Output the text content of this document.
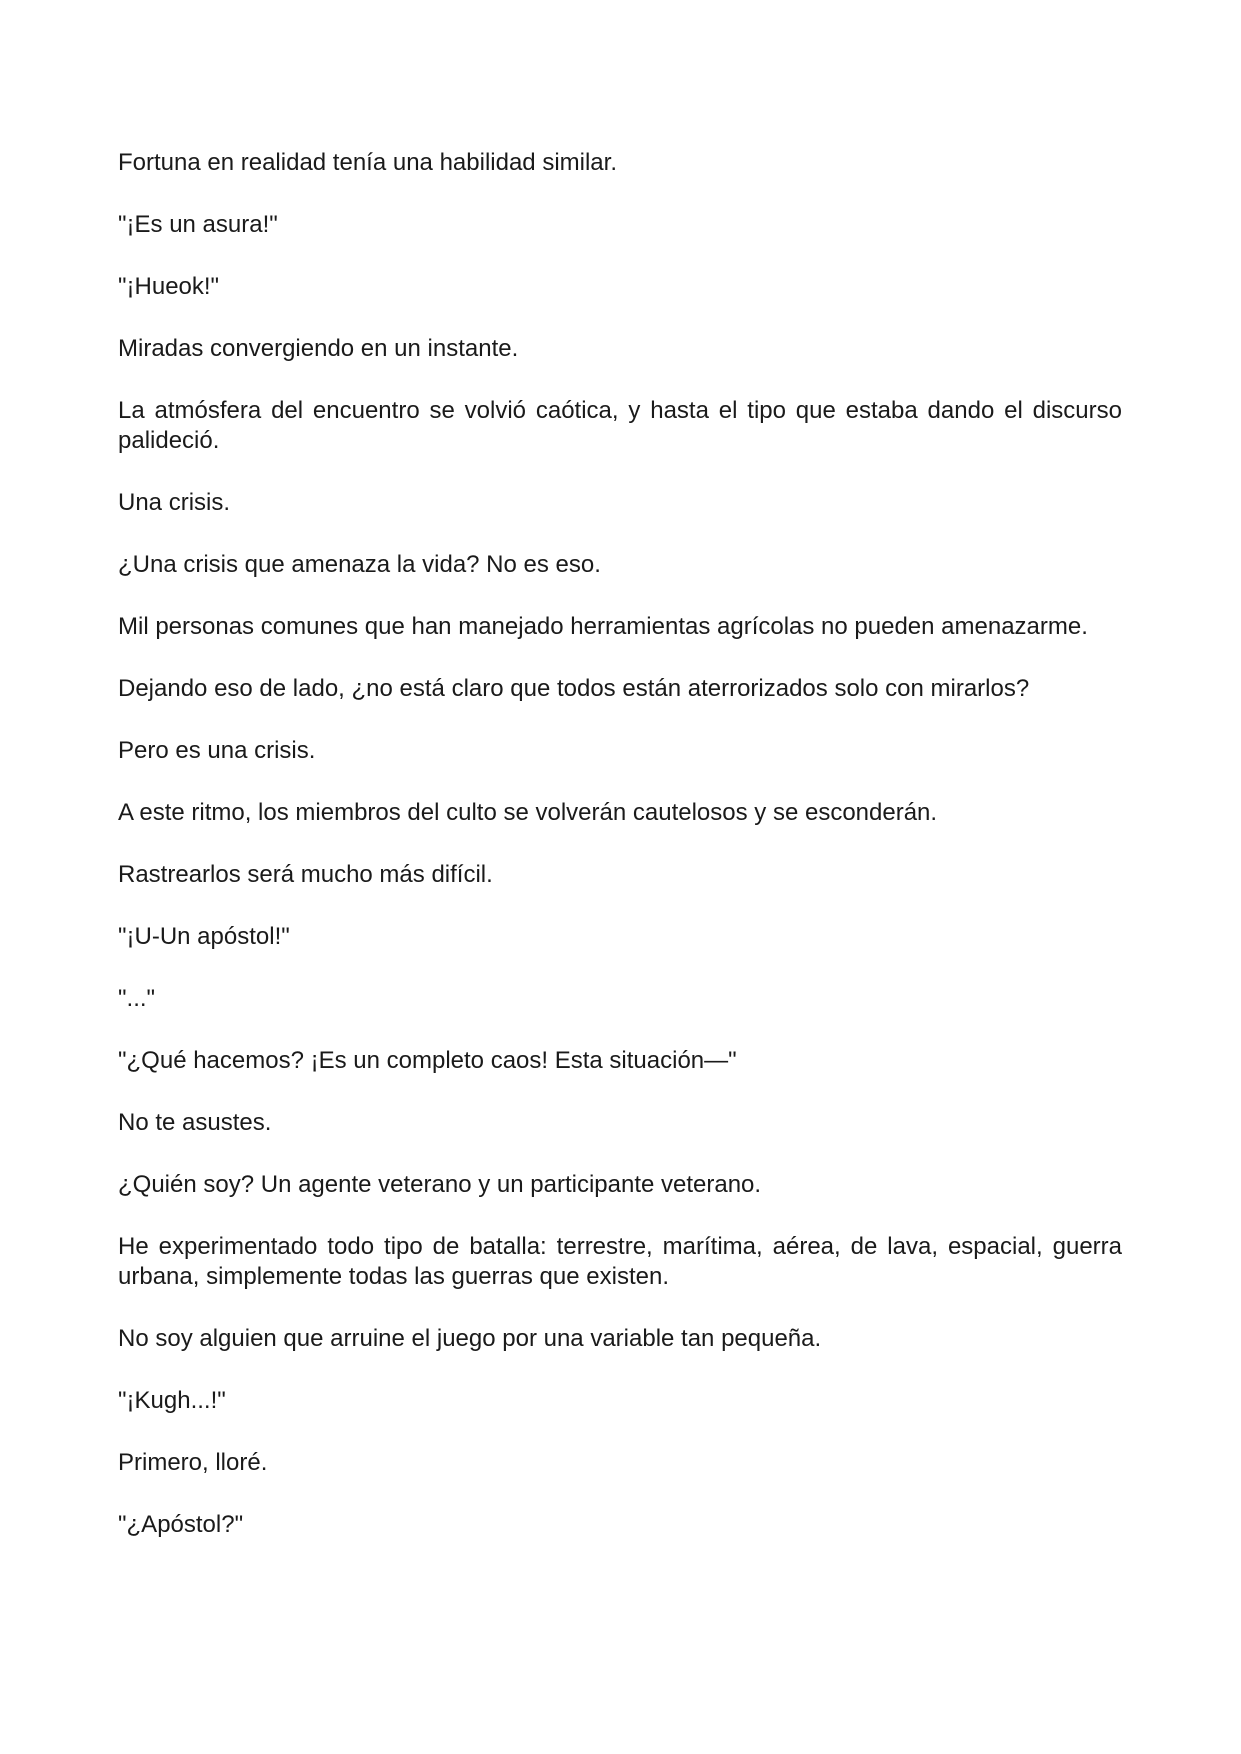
Fortuna en realidad tenía una habilidad similar.

"¡Es un asura!"

"¡Hueok!"

Miradas convergiendo en un instante.

La atmósfera del encuentro se volvió caótica, y hasta el tipo que estaba dando el discurso palideció.

Una crisis.

¿Una crisis que amenaza la vida? No es eso.

Mil personas comunes que han manejado herramientas agrícolas no pueden amenazarme.

Dejando eso de lado, ¿no está claro que todos están aterrorizados solo con mirarlos?

Pero es una crisis.

A este ritmo, los miembros del culto se volverán cautelosos y se esconderán.

Rastrearlos será mucho más difícil.

"¡U-Un apóstol!"

"..."

"¿Qué hacemos? ¡Es un completo caos! Esta situación—"

No te asustes.

¿Quién soy? Un agente veterano y un participante veterano.

He experimentado todo tipo de batalla: terrestre, marítima, aérea, de lava, espacial, guerra urbana, simplemente todas las guerras que existen.

No soy alguien que arruine el juego por una variable tan pequeña.

"¡Kugh...!"

Primero, lloré.

"¿Apóstol?"
